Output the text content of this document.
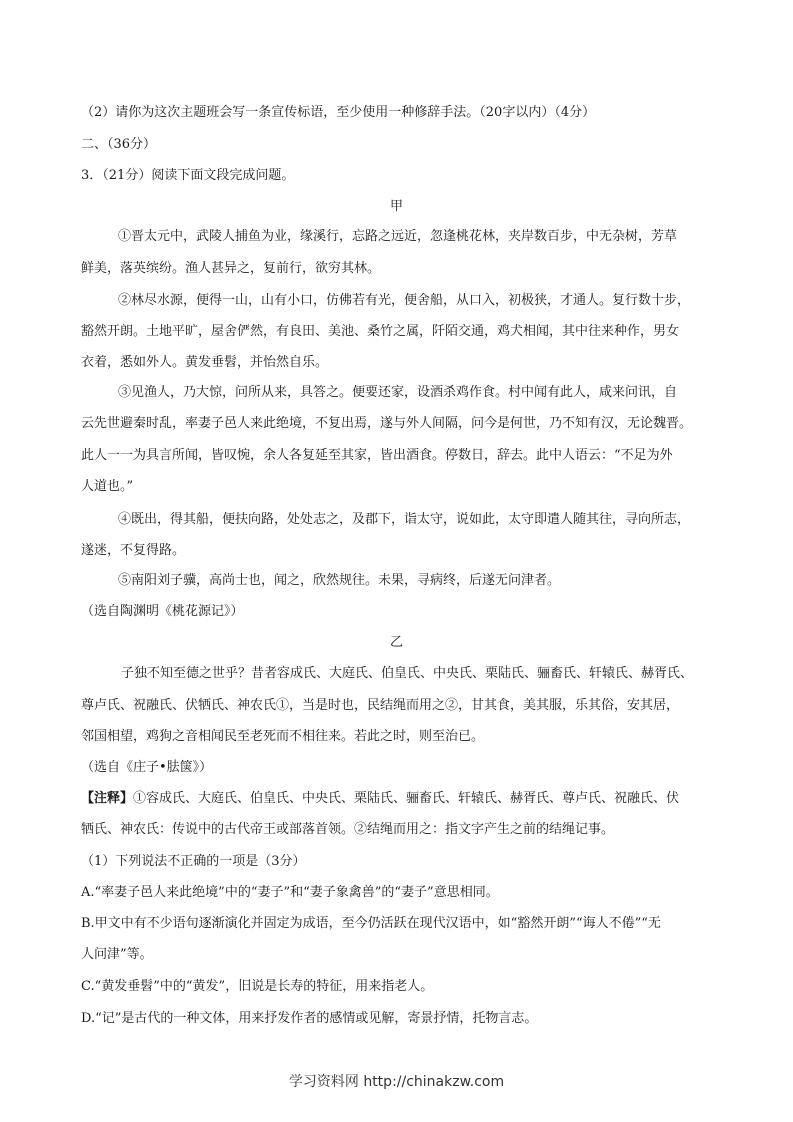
（2）请你为这次主题班会写一条宣传标语，至少使用一种修辞手法。（20字以内）（4分）
二、（36分）
3．（21分）阅读下面文段完成问题。
甲
①晋太元中，武陵人捕鱼为业，缘溪行，忘路之远近，忽逢桃花林，夹岸数百步，中无杂树，芳草
鲜美，落英缤纷。渔人甚异之，复前行，欲穷其林。
②林尽水源，便得一山，山有小口，仿佛若有光，便舍船，从口入，初极狭，才通人。复行数十步，
豁然开朗。土地平旷，屋舍俨然，有良田、美池、桑竹之属，阡陌交通，鸡犬相闻，其中往来种作，男女
衣着，悉如外人。黄发垂髫，并怡然自乐。
③见渔人，乃大惊，问所从来，具答之。便要还家，设酒杀鸡作食。村中闻有此人，咸来问讯，自
云先世避秦时乱，率妻子邑人来此绝境，不复出焉，遂与外人间隔，问今是何世，乃不知有汉，无论魏晋。
此人一一为具言所闻，皆叹惋，余人各复延至其家，皆出酒食。停数日，辞去。此中人语云：“不足为外
人道也。”
④既出，得其船，便扶向路，处处志之，及郡下，诣太守，说如此，太守即遣人随其往，寻向所志，
遂迷，不复得路。
⑤南阳刘子骥，高尚士也，闻之，欣然规往。未果，寻病终，后遂无问津者。
（选自陶渊明《桃花源记》）
乙
子独不知至德之世乎？昔者容成氏、大庭氏、伯皇氏、中央氏、栗陆氏、骊畜氏、轩辕氏、赫胥氏、
尊卢氏、祝融氏、伏牺氏、神农氏①，当是时也，民结绳而用之②，甘其食，美其服，乐其俗，安其居，
邻国相望，鸡狗之音相闻民至老死而不相往来。若此之时，则至治已。
（选自《庄子•胠箧》）
【注释】①容成氏、大庭氏、伯皇氏、中央氏、栗陆氏、骊畜氏、轩辕氏、赫胥氏、尊卢氏、祝融氏、伏
牺氏、神农氏：传说中的古代帝王或部落首领。②结绳而用之：指文字产生之前的结绳记事。
（1）下列说法不正确的一项是（3分）
A.“率妻子邑人来此绝境”中的“妻子”和“妻子象禽兽”的“妻子”意思相同。
B.甲文中有不少语句逐渐演化并固定为成语，至今仍活跃在现代汉语中，如“豁然开朗”“诲人不倦”“无
人问津”等。
C.“黄发垂髫”中的“黄发”，旧说是长寿的特征，用来指老人。
D.“记”是古代的一种文体，用来抒发作者的感情或见解，寄景抒情，托物言志。
学习资料网 http://chinakzw.com
